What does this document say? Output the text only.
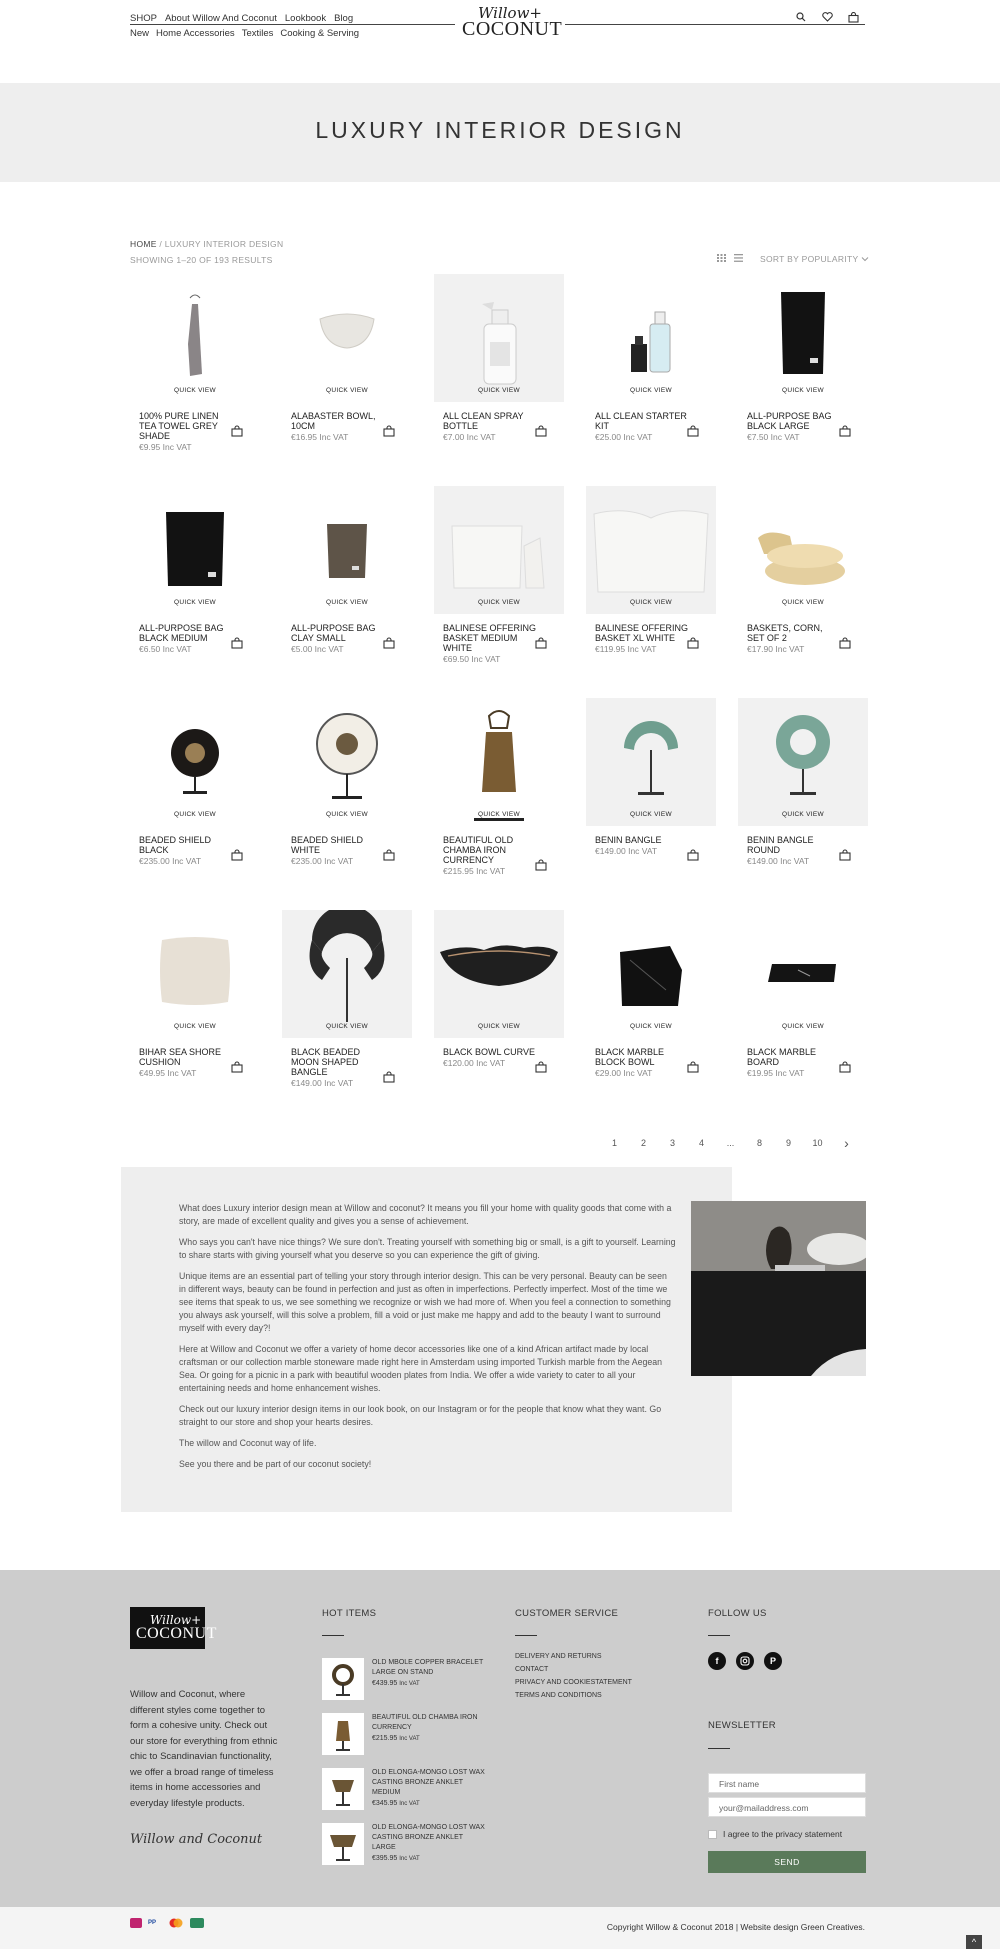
SHOP About Willow And Coconut Lookbook Blog
New Home Accessories Textiles Cooking & Serving
Willow+
COCONUT
LUXURY INTERIOR DESIGN
HOME / LUXURY INTERIOR DESIGN
SHOWING 1–20 OF 193 RESULTS	SORT BY POPULARITY
QUICK VIEW
100% PURE LINEN TEA TOWEL GREY SHADE
€9.95 Inc VAT
QUICK VIEW
ALABASTER BOWL, 10CM
€16.95 Inc VAT
QUICK VIEW
ALL CLEAN SPRAY BOTTLE
€7.00 Inc VAT
QUICK VIEW
ALL CLEAN STARTER KIT
€25.00 Inc VAT
QUICK VIEW
ALL-PURPOSE BAG BLACK LARGE
€7.50 Inc VAT
QUICK VIEW
ALL-PURPOSE BAG BLACK MEDIUM
€6.50 Inc VAT
QUICK VIEW
ALL-PURPOSE BAG CLAY SMALL
€5.00 Inc VAT
QUICK VIEW
BALINESE OFFERING BASKET MEDIUM WHITE
€69.50 Inc VAT
QUICK VIEW
BALINESE OFFERING BASKET XL WHITE
€119.95 Inc VAT
QUICK VIEW
BASKETS, CORN, SET OF 2
€17.90 Inc VAT
QUICK VIEW
BEADED SHIELD BLACK
€235.00 Inc VAT
QUICK VIEW
BEADED SHIELD WHITE
€235.00 Inc VAT
QUICK VIEW
BEAUTIFUL OLD CHAMBA IRON CURRENCY
€215.95 Inc VAT
QUICK VIEW
BENIN BANGLE
€149.00 Inc VAT
QUICK VIEW
BENIN BANGLE ROUND
€149.00 Inc VAT
QUICK VIEW
BIHAR SEA SHORE CUSHION
€49.95 Inc VAT
QUICK VIEW
BLACK BEADED MOON SHAPED BANGLE
€149.00 Inc VAT
QUICK VIEW
BLACK BOWL CURVE
€120.00 Inc VAT
QUICK VIEW
BLACK MARBLE BLOCK BOWL
€29.00 Inc VAT
QUICK VIEW
BLACK MARBLE BOARD
€19.95 Inc VAT
1	2	3	4	...	8	9	10	›

What does Luxury interior design mean at Willow and coconut? It means you fill your home with quality goods that come with a story, are made of excellent quality and gives you a sense of achievement.

Who says you can't have nice things? We sure don't. Treating yourself with something big or small, is a gift to yourself. Learning to share starts with giving yourself what you deserve so you can experience the gift of giving.

Unique items are an essential part of telling your story through interior design. This can be very personal. Beauty can be seen in different ways, beauty can be found in perfection and just as often in imperfections. Perfectly imperfect. Most of the time we see items that speak to us, we see something we recognize or wish we had more of. When you feel a connection to something you always ask yourself, will this solve a problem, fill a void or just make me happy and add to the beauty I want to surround myself with every day?!

Here at Willow and Coconut we offer a variety of home decor accessories like one of a kind African artifact made by local craftsman or our collection marble stoneware made right here in Amsterdam using imported Turkish marble from the Aegean Sea. Or going for a picnic in a park with beautiful wooden plates from India. We offer a wide variety to cater to all your entertaining needs and home enhancement wishes.

Check out our luxury interior design items in our look book, on our Instagram or for the people that know what they want. Go straight to our store and shop your hearts desires.

The willow and Coconut way of life.

See you there and be part of our coconut society!

Willow+
COCONUT
Willow and Coconut, where different styles come together to form a cohesive unity. Check out our store for everything from ethnic chic to Scandinavian functionality, we offer a broad range of timeless items in home accessories and everyday lifestyle products.
Willow and Coconut
HOT ITEMS
OLD MBOLE COPPER BRACELET LARGE ON STAND
€439.95 Inc VAT
BEAUTIFUL OLD CHAMBA IRON CURRENCY
€215.95 Inc VAT
OLD ELONGA-MONGO LOST WAX CASTING BRONZE ANKLET MEDIUM
€345.95 Inc VAT
OLD ELONGA-MONGO LOST WAX CASTING BRONZE ANKLET LARGE
€395.95 Inc VAT
CUSTOMER SERVICE
DELIVERY AND RETURNS
CONTACT
PRIVACY AND COOKIESTATEMENT
TERMS AND CONDITIONS
FOLLOW US
NEWSLETTER
f	P
First name
your@mailaddress.com
I agree to the privacy statement
SEND
PP	Copyright Willow & Coconut 2018 | Website design Green Creatives.
^
